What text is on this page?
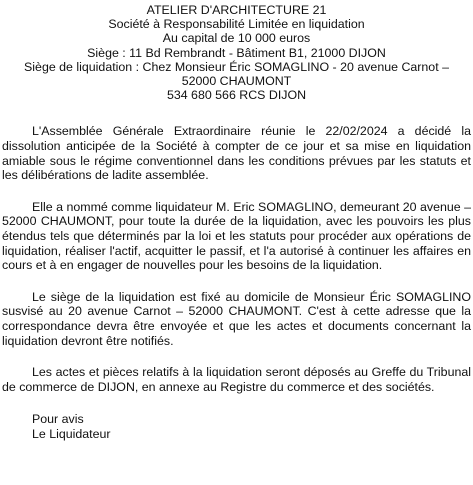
ATELIER D'ARCHITECTURE 21
Société à Responsabilité Limitée en liquidation
Au capital de 10 000 euros
Siège : 11 Bd Rembrandt - Bâtiment B1, 21000 DIJON
Siège de liquidation : Chez Monsieur Éric SOMAGLINO - 20 avenue Carnot –
52000 CHAUMONT
534 680 566 RCS DIJON

L'Assemblée Générale Extraordinaire réunie le 22/02/2024 a décidé la dissolution anticipée de la Société à compter de ce jour et sa mise en liquidation amiable sous le régime conventionnel dans les conditions prévues par les statuts et les délibérations de ladite assemblée.

Elle a nommé comme liquidateur M. Eric SOMAGLINO, demeurant 20 avenue – 52000 CHAUMONT, pour toute la durée de la liquidation, avec les pouvoirs les plus étendus tels que déterminés par la loi et les statuts pour procéder aux opérations de liquidation, réaliser l'actif, acquitter le passif, et l'a autorisé à continuer les affaires en cours et à en engager de nouvelles pour les besoins de la liquidation.

Le siège de la liquidation est fixé au domicile de Monsieur Éric SOMAGLINO susvisé au 20 avenue Carnot – 52000 CHAUMONT. C'est à cette adresse que la correspondance devra être envoyée et que les actes et documents concernant la liquidation devront être notifiés.

Les actes et pièces relatifs à la liquidation seront déposés au Greffe du Tribunal de commerce de DIJON, en annexe au Registre du commerce et des sociétés.

Pour avis
Le Liquidateur
